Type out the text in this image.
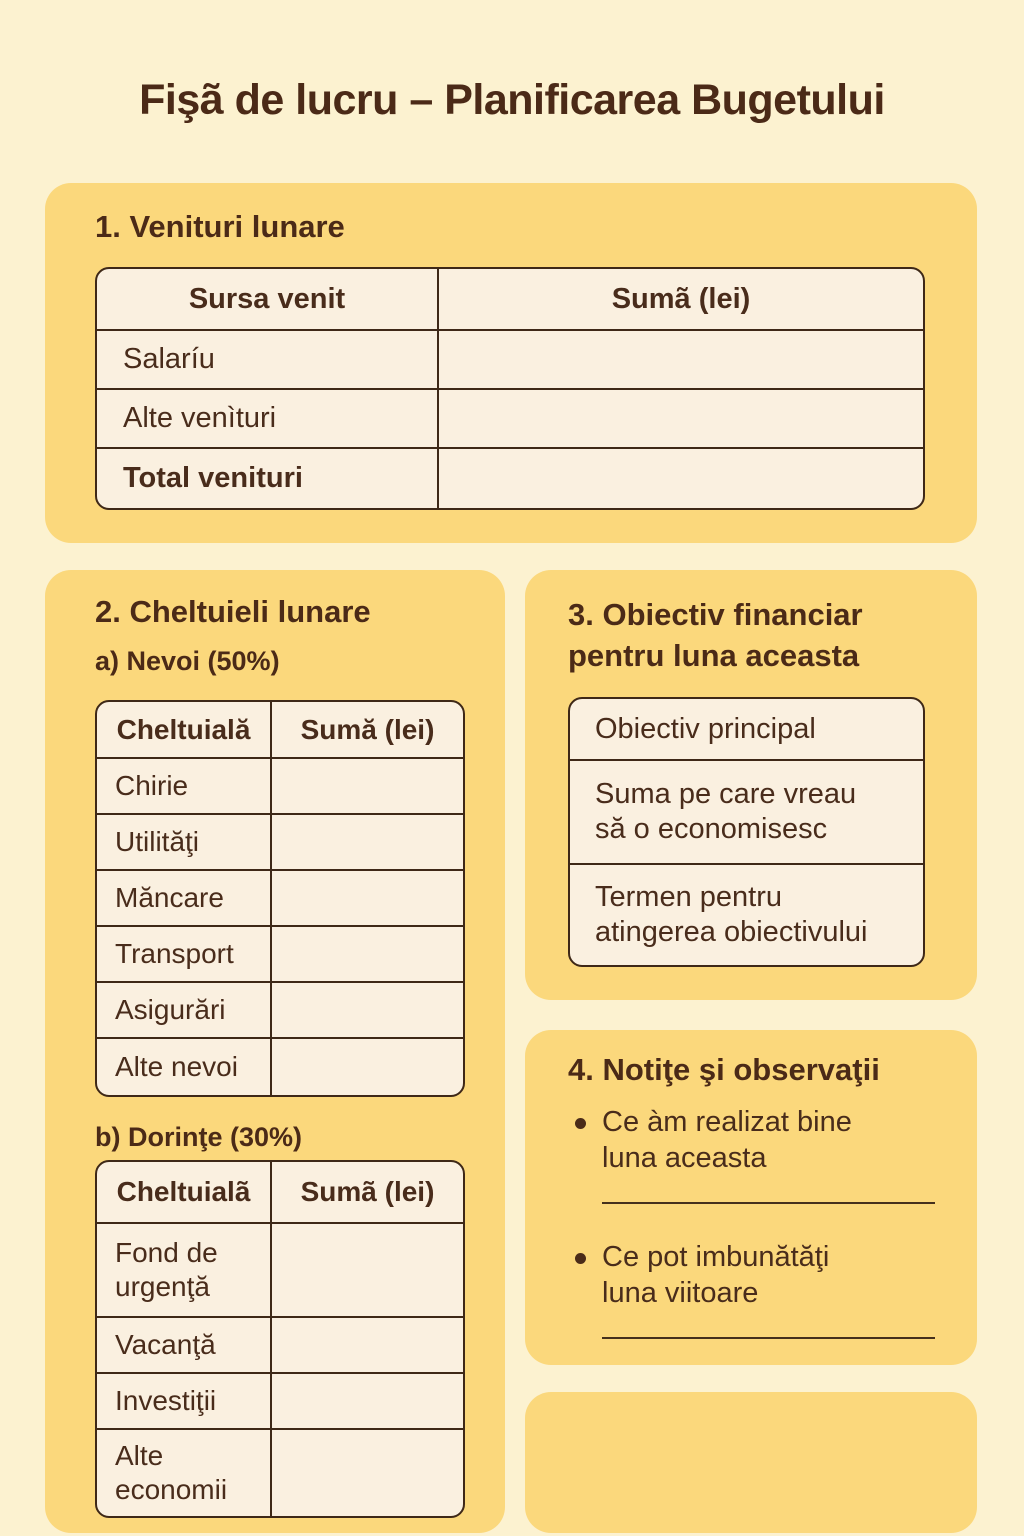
Fişã de lucru – Planificarea Bugetului
1. Venituri lunare
Sursa venit	Sumã (lei)
Salaríu
Alte venìturi
Total venituri
2. Cheltuieli lunare
a) Nevoi (50%)
Cheltuială	Sumă (lei)
Chirie
Utilităţi
Măncare
Transport
Asigurări
Alte nevoi
b) Dorinţe (30%)
Cheltuialã	Sumã (lei)
Fond de
urgenţă
Vacanţă
Investiţii
Alte
economii
3. Obiectiv financiar
pentru luna aceasta
Obiectiv principal
Suma pe care vreau
să o economisesc
Termen pentru
atingerea obiectivului
4. Notiţe şi observaţii
Ce àm realizat bine
luna aceasta
Ce pot imbunătăţi
luna viitoare
